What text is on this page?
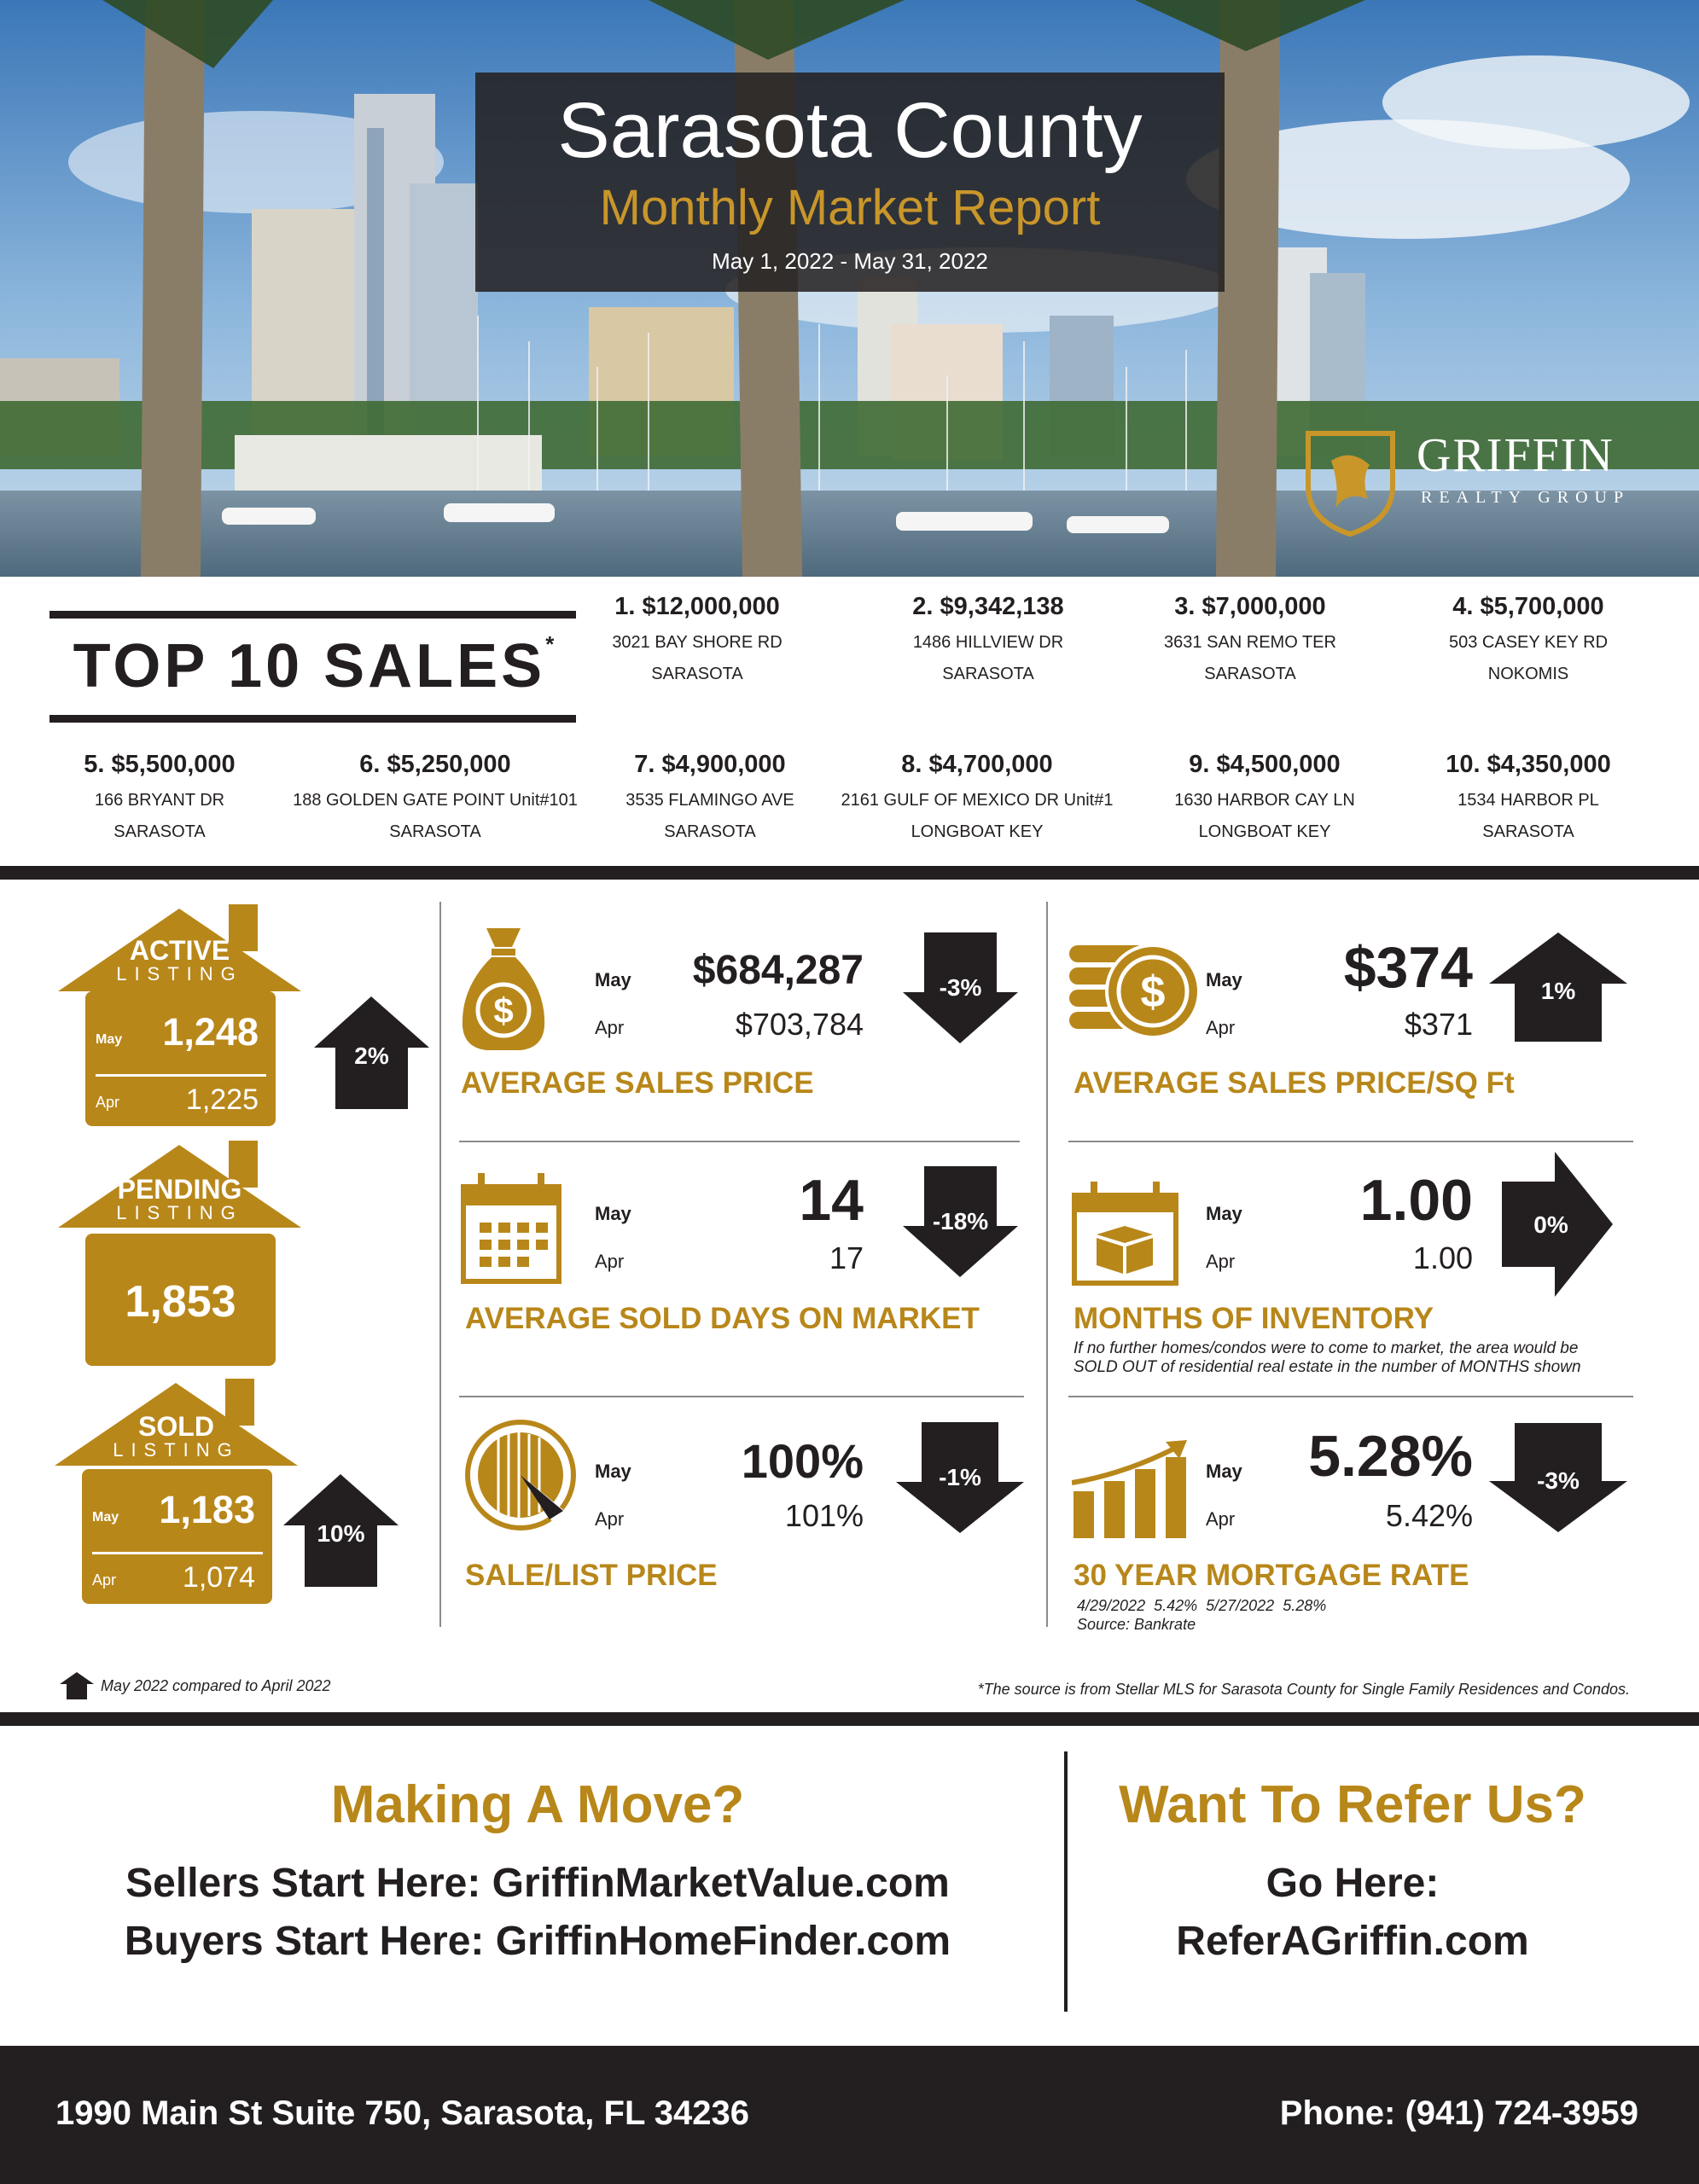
Sarasota County
Monthly Market Report
May 1, 2022 - May 31, 2022
GRIFFIN
REALTY GROUP
TOP 10 SALES*
1. $12,000,000
3021 BAY SHORE RD
SARASOTA
2. $9,342,138
1486 HILLVIEW DR
SARASOTA
3. $7,000,000
3631 SAN REMO TER
SARASOTA
4. $5,700,000
503 CASEY KEY RD
NOKOMIS
5. $5,500,000
166 BRYANT DR
SARASOTA
6. $5,250,000
188 GOLDEN GATE POINT Unit#101
SARASOTA
7. $4,900,000
3535 FLAMINGO AVE
SARASOTA
8. $4,700,000
2161 GULF OF MEXICO DR Unit#1
LONGBOAT KEY
9. $4,500,000
1630 HARBOR CAY LN
LONGBOAT KEY
10. $4,350,000
1534 HARBOR PL
SARASOTA
ACTIVE
LISTING
May 1,248
Apr	1,225
2%
PENDING
LISTING
1,853
SOLD
LISTING
May 1,183
Apr	1,074
10%
$
May	$684,287
Apr	$703,784
-3%
AVERAGE SALES PRICE
$ May	$374
Apr	$371
1%
AVERAGE SALES PRICE/SQ Ft
May	14
Apr	17
-18%
AVERAGE SOLD DAYS ON MARKET
May	1.00
Apr	1.00
0%
MONTHS OF INVENTORY
If no further homes/condos were to come to market, the area would be
SOLD OUT of residential real estate in the number of MONTHS shown
May	100%
Apr	101%
-1%
SALE/LIST PRICE
May	5.28%
Apr	5.42%
-3%
30 YEAR MORTGAGE RATE
4/29/2022  5.42%  5/27/2022  5.28%
Source: Bankrate
May 2022 compared to April 2022	*The source is from Stellar MLS for Sarasota County for Single Family Residences and Condos.
Making A Move?
Sellers Start Here: GriffinMarketValue.com
Buyers Start Here: GriffinHomeFinder.com
Want To Refer Us?
Go Here:
ReferAGriffin.com
1990 Main St Suite 750, Sarasota, FL 34236	Phone: (941) 724-3959
